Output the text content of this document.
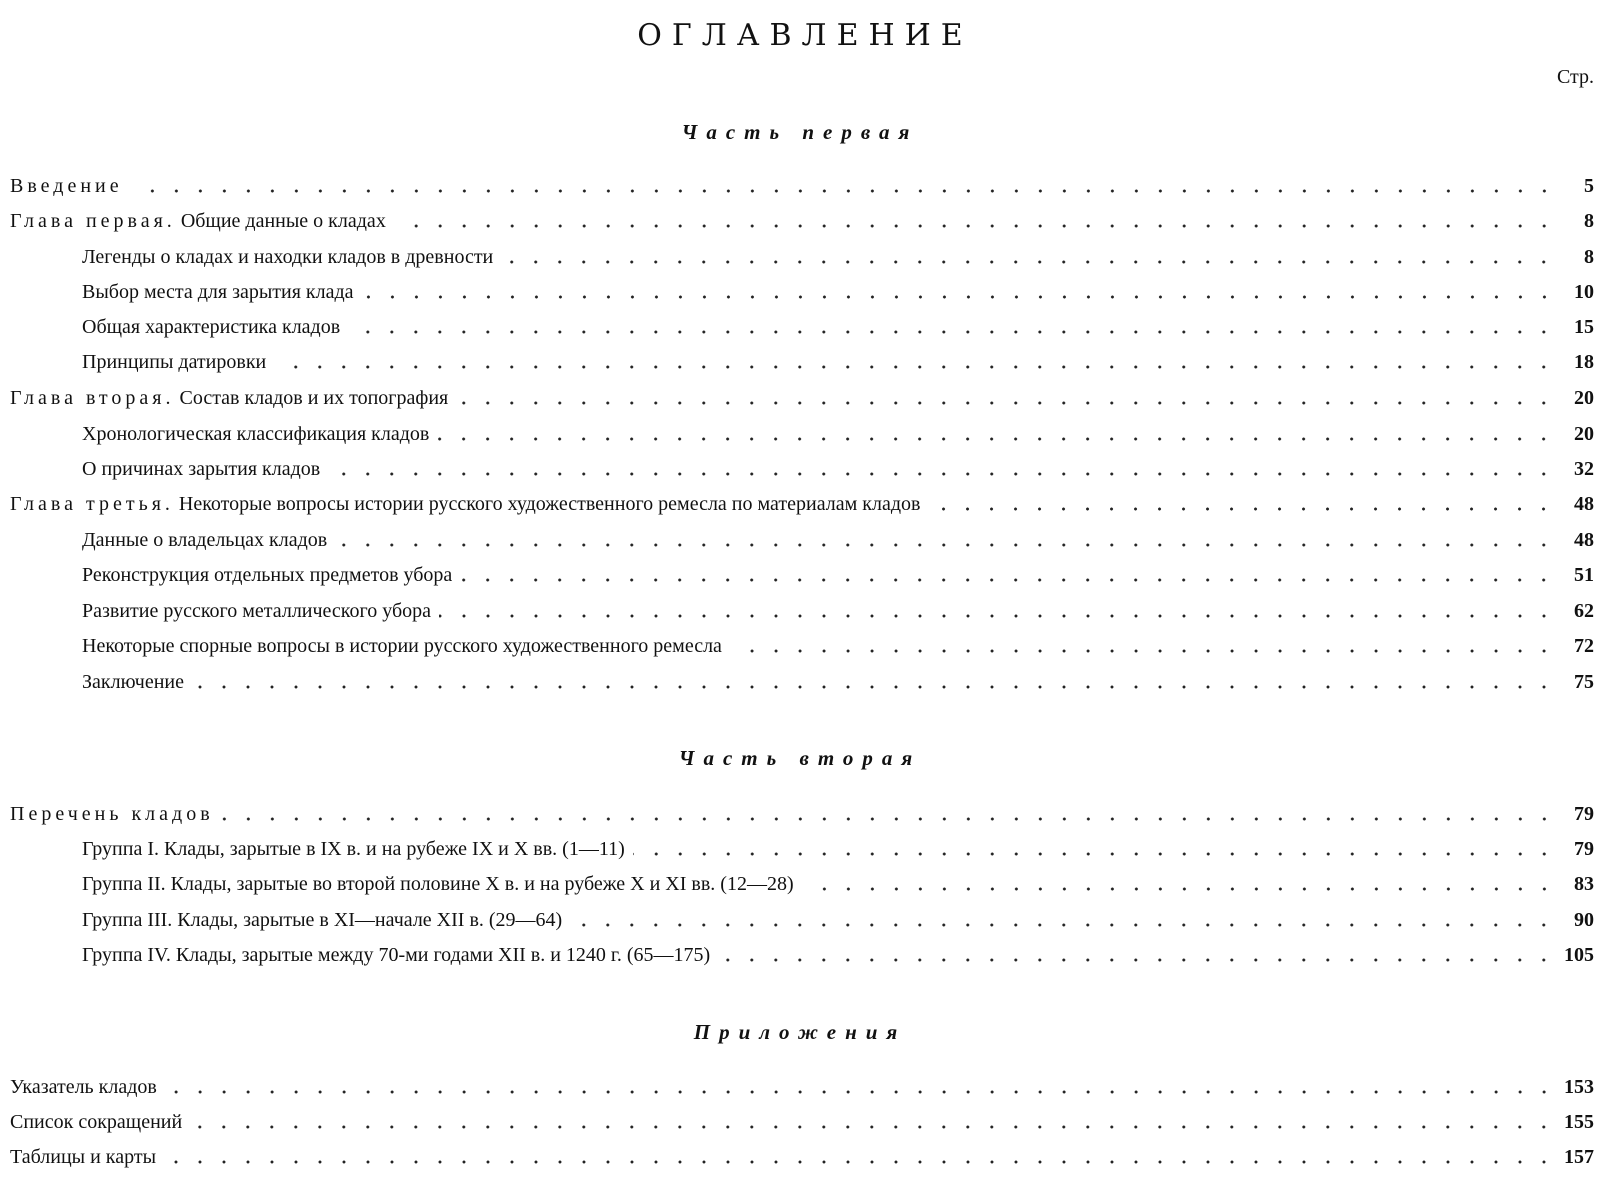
ОГЛАВЛЕНИЕ
Стр.
Часть первая
Введение	5
Глава первая. Общие данные о кладах	8
Легенды о кладах и находки кладов в древности	8
Выбор места для зарытия клада	10
Общая характеристика кладов	15
Принципы датировки	18
Глава вторая. Состав кладов и их топография	20
Хронологическая классификация кладов	20
О причинах зарытия кладов	32
Глава третья. Некоторые вопросы истории русского художественного ремесла по материалам кладов	48
Данные о владельцах кладов	48
Реконструкция отдельных предметов убора	51
Развитие русского металлического убора	62
Некоторые спорные вопросы в истории русского художественного ремесла	72
Заключение	75
Часть вторая
Перечень кладов	79
Группа I. Клады, зарытые в IX в. и на рубеже IX и X вв. (1—11)	79
Группа II. Клады, зарытые во второй половине X в. и на рубеже X и XI вв. (12—28)	83
Группа III. Клады, зарытые в XI—начале XII в. (29—64)	90
Группа IV. Клады, зарытые между 70-ми годами XII в. и 1240 г. (65—175)	105
Приложения
Указатель кладов	153
Список сокращений	155
Таблицы и карты	157
